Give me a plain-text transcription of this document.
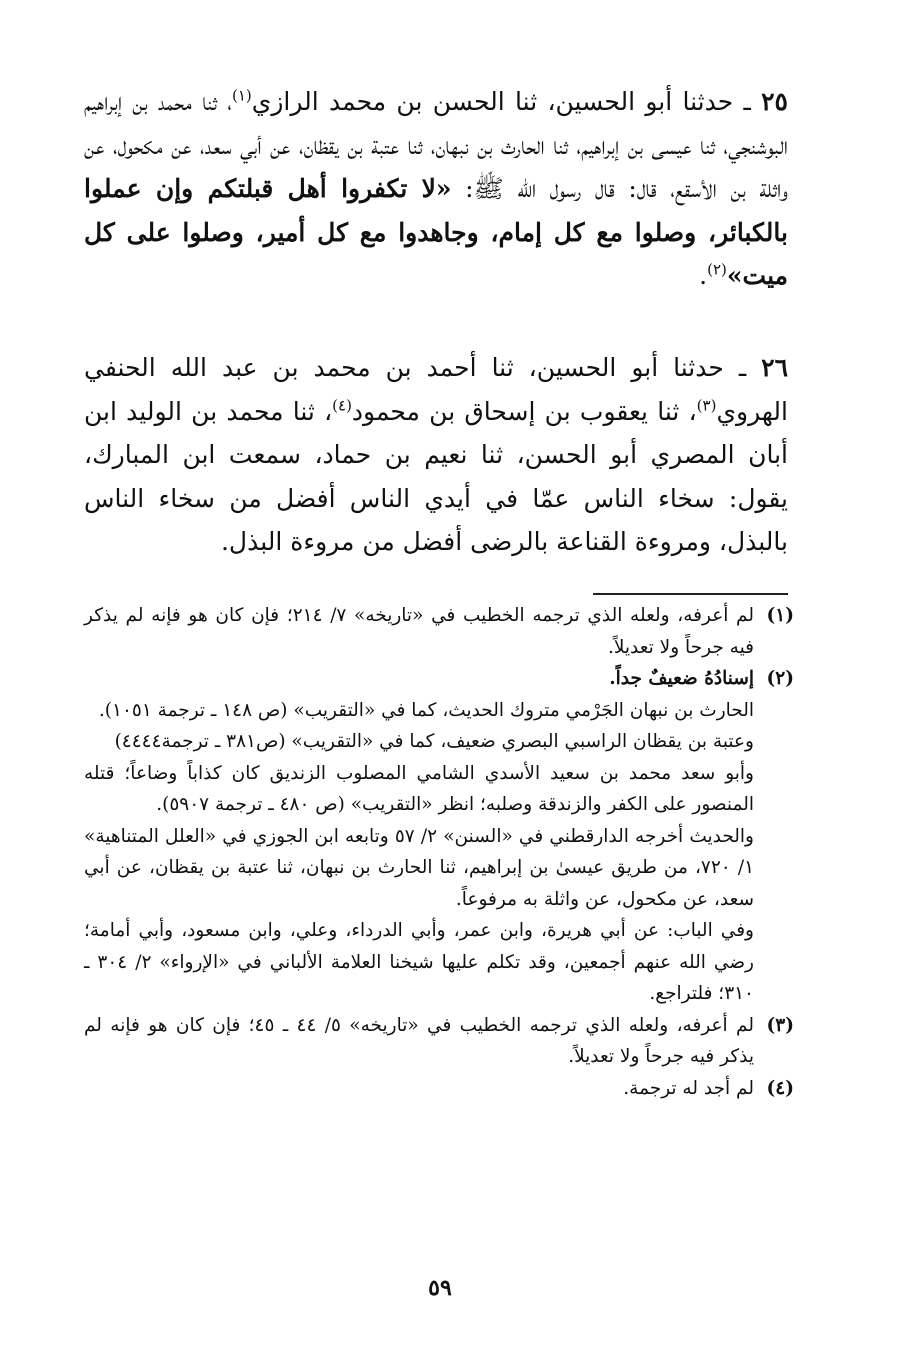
٢٥ ـ حدثنا أبو الحسين، ثنا الحسن بن محمد الرازي$^{(١)}$، ثنا محمد بن إبراهيم البوشنجي، ثنا عيسى بن إبراهيم، ثنا الحارث بن نبهان، ثنا عتبة بن يقظان، عن أبي سعد، عن مكحول، عن واثلة بن الأسقع، قال: قال رسول الله ﷺ: «لا تكفروا أهل قبلتكم وإن عملوا بالكبائر، وصلوا مع كل إمام، وجاهدوا مع كل أمير، وصلوا على كل ميت»$^{(٢)}$.
٢٦ ـ حدثنا أبو الحسين، ثنا أحمد بن محمد بن عبد الله الحنفي الهروي$^{(٣)}$، ثنا يعقوب بن إسحاق بن محمود$^{(٤)}$، ثنا محمد بن الوليد ابن أبان المصري أبو الحسن، ثنا نعيم بن حماد، سمعت ابن المبارك، يقول: سخاء الناس عمّا في أيدي الناس أفضل من سخاء الناس بالبذل، ومروءة القناعة بالرضى أفضل من مروءة البذل.
(١)

لم أعرفه، ولعله الذي ترجمه الخطيب في «تاريخه» ٧/ ٢١٤؛ فإن كان هو فإنه لم يذكر فيه جرحاً ولا تعديلاً.

(٢)

إسنادُهُ ضعيفٌ جداً.

الحارث بن نبهان الجَرْمي متروك الحديث، كما في «التقريب» (ص ١٤٨ ـ ترجمة ١٠٥١).

وعتبة بن يقظان الراسبي البصري ضعيف، كما في «التقريب» (ص٣٨١ ـ ترجمة٤٤٤٤)

وأبو سعد محمد بن سعيد الأسدي الشامي المصلوب الزنديق كان كذاباً وضاعاً؛ قتله المنصور على الكفر والزندقة وصلبه؛ انظر «التقريب» (ص ٤٨٠ ـ ترجمة ٥٩٠٧).

والحديث أخرجه الدارقطني في «السنن» ٢/ ٥٧ وتابعه ابن الجوزي في «العلل المتناهية» ١/ ٧٢٠، من طريق عيسىٰ بن إبراهيم، ثنا الحارث بن نبهان، ثنا عتبة بن يقظان، عن أبي سعد، عن مكحول، عن واثلة به مرفوعاً.

وفي الباب: عن أبي هريرة، وابن عمر، وأبي الدرداء، وعلي، وابن مسعود، وأبي أمامة؛ رضي الله عنهم أجمعين، وقد تكلم عليها شيخنا العلامة الألباني في «الإرواء» ٢/ ٣٠٤ ـ ٣١٠؛ فلتراجع.

(٣)

لم أعرفه، ولعله الذي ترجمه الخطيب في «تاريخه» ٥/ ٤٤ ـ ٤٥؛ فإن كان هو فإنه لم يذكر فيه جرحاً ولا تعديلاً.

(٤)

لم أجد له ترجمة.

٥٩
